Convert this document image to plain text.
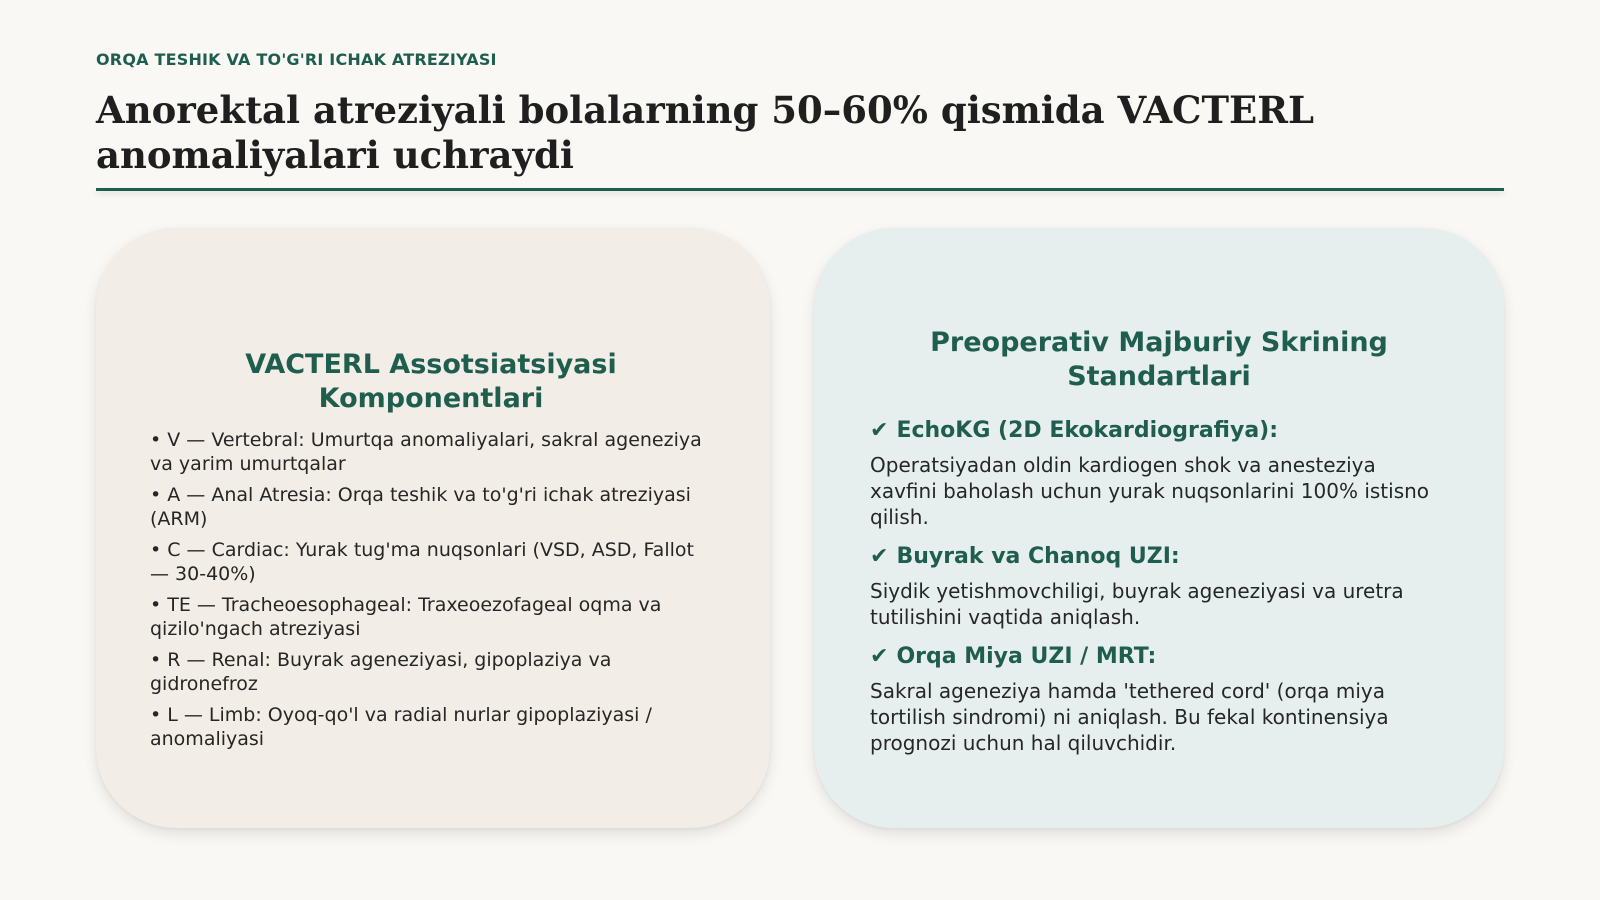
ORQA TESHIK VA TO'G'RI ICHAK ATREZIYASI
Anorektal atreziyali bolalarning 50–60% qismida VACTERL anomaliyalari uchraydi
VACTERL Assotsiatsiyasi Komponentlari
• V — Vertebral: Umurtqa anomaliyalari, sakral ageneziya va yarim umurtqalar
• A — Anal Atresia: Orqa teshik va to'g'ri ichak atreziyasi (ARM)
• C — Cardiac: Yurak tug'ma nuqsonlari (VSD, ASD, Fallot — 30-40%)
• TE — Tracheoesophageal: Traxeoezofageal oqma va qizilo'ngach atreziyasi
• R — Renal: Buyrak ageneziyasi, gipoplaziya va gidronefroz
• L — Limb: Oyoq-qo'l va radial nurlar gipoplaziyasi / anomaliyasi
Preoperativ Majburiy Skrining Standartlari
✔ EchoKG (2D Ekokardiografiya):
Operatsiyadan oldin kardiogen shok va anesteziya xavfini baholash uchun yurak nuqsonlarini 100% istisno qilish.
✔ Buyrak va Chanoq UZI:
Siydik yetishmovchiligi, buyrak ageneziyasi va uretra tutilishini vaqtida aniqlash.
✔ Orqa Miya UZI / MRT:
Sakral ageneziya hamda 'tethered cord' (orqa miya tortilish sindromi) ni aniqlash. Bu fekal kontinensiya prognozi uchun hal qiluvchidir.
